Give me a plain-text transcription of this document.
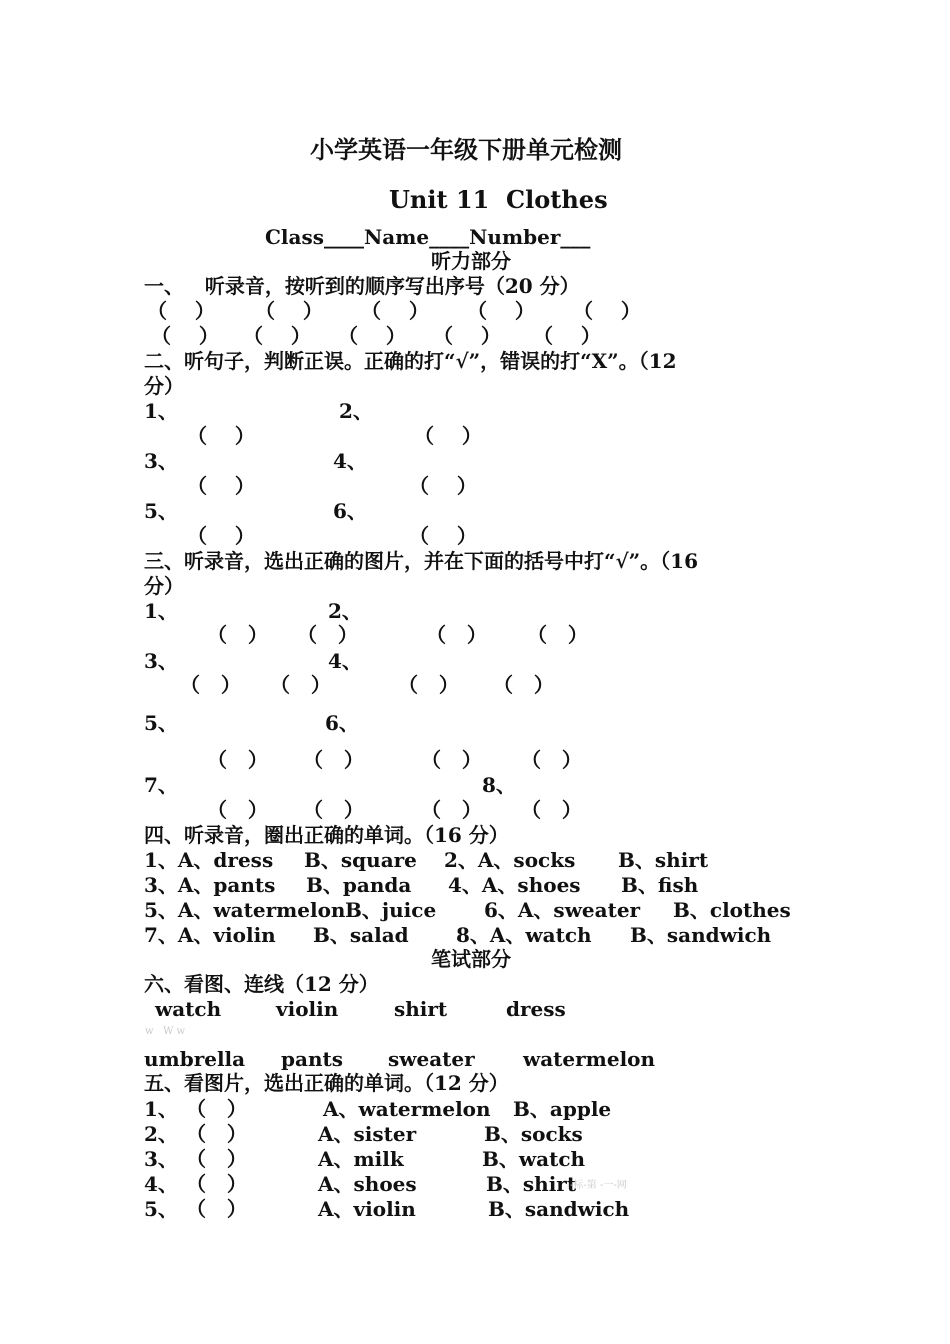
小学英语一年级下册单元检测
Unit 11  Clothes
Class____Name____Number___
听力部分
一、   听录音，按听到的顺序写出序号（20 分）
（    ） （    ） （    ） （    ） （    ）
（    ） （    ） （    ） （    ） （    ）
二、听句子，判断正误。正确的打“√”，错误的打“X”。（12
分）
1、	2、
（    ）	（    ）
3、	4、
（    ）	（    ）
5、	6、
（    ）	（    ）
三、听录音，选出正确的图片，并在下面的括号中打“√”。（16
分）
1、	2、
（   ） （   ）	（   ） （   ）
3、	4、
（   ） （   ）	（   ） （   ）
5、	6、
（   ） （   ）	（   ） （   ）
7、	8、
（   ） （   ）	（   ） （   ）
四、听录音，圈出正确的单词。（16 分）
1、A、dress B、square 2、A、socks B、shirt
3、A、pants B、panda 4、A、shoes B、fish
5、A、watermelon B、juice 6、A、sweater B、clothes
7、A、violin B、salad 8、A、watch B、sandwich
笔试部分
六、看图、连线（12 分）
watch	violin	shirt	dress
w   W w
umbrella pants sweater watermelon
五、看图片，选出正确的单词。（12 分）
1、 （   ）	A、watermelon B、apple
2、 （   ）	A、sister	B、socks
3、 （   ）	A、milk	B、watch
4、 （   ）	A、shoes	B、shirt
-标-第 -一-网
5、 （   ）	A、violin	B、sandwich
